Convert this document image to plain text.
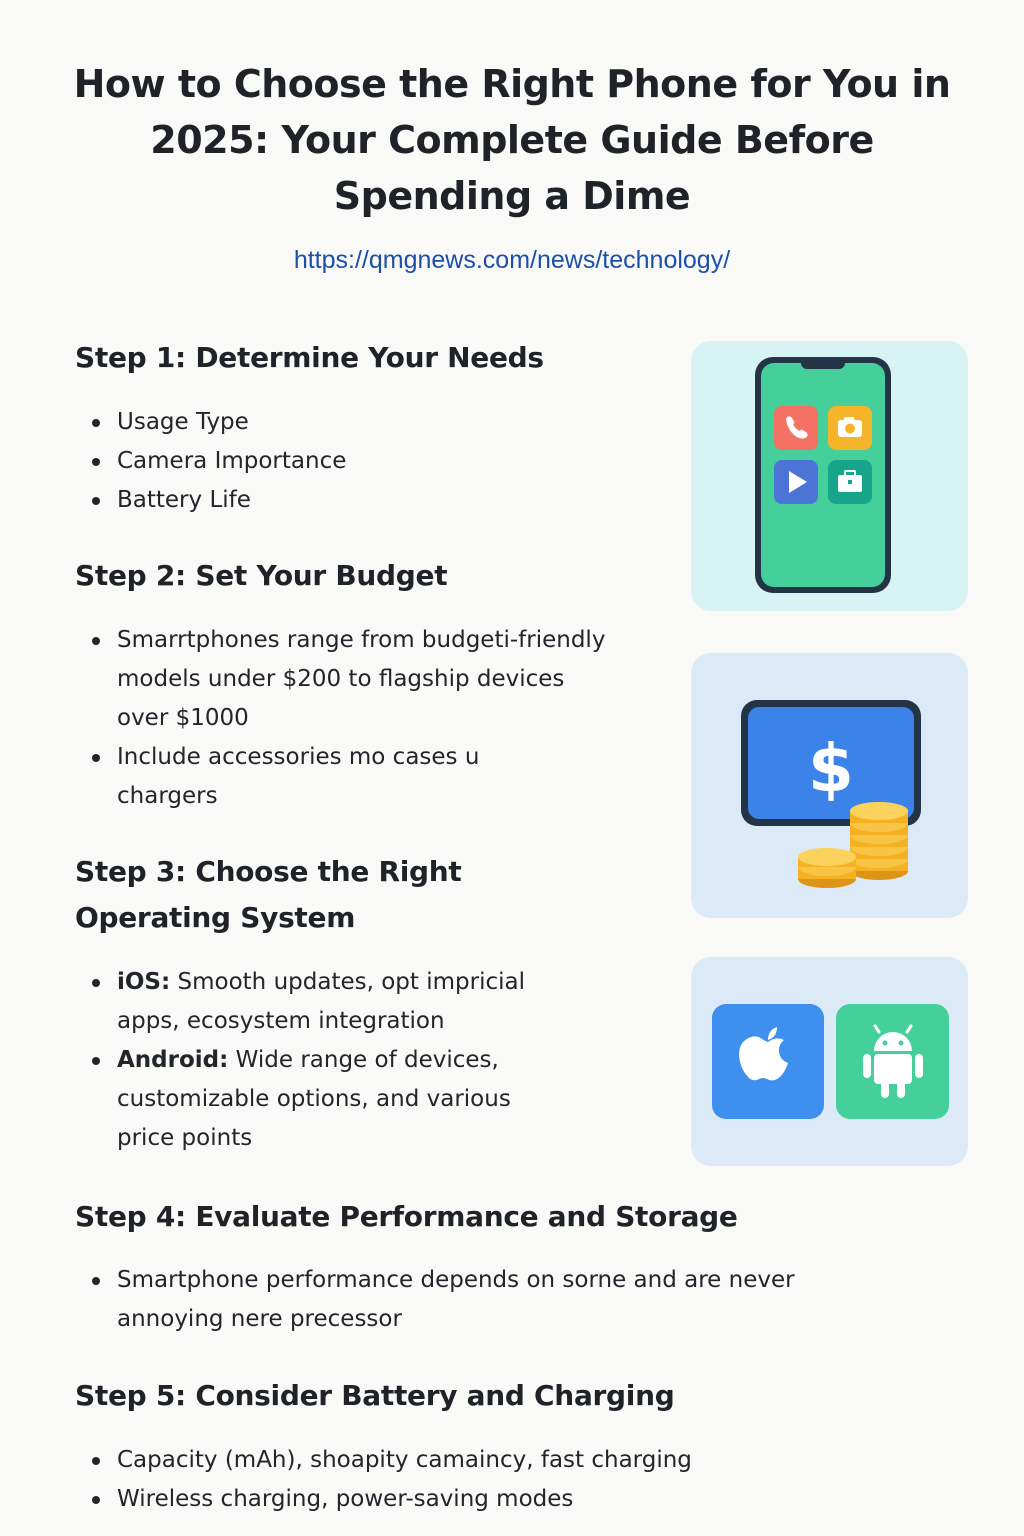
How to Choose the Right Phone for You in 2025: Your Complete Guide Before Spending a Dime
https://qmgnews.com/news/technology/
Step 1: Determine Your Needs
Usage Type
Camera Importance
Battery Life
Step 2: Set Your Budget
Smarrtphones range from budgeti-friendly models under $200 to flagship devices over $1000
Include accessories mo cases u chargers
Step 3: Choose the Right Operating System
iOS: Smooth updates, opt impricial apps, ecosystem integration
Android: Wide range of devices, customizable options, and various price points
Step 4: Evaluate Performance and Storage
Smartphone performance depends on sorne and are never annoying nere precessor
Step 5: Consider Battery and Charging
Capacity (mAh), shoapity camaincy, fast charging
Wireless charging, power-saving modes
$
